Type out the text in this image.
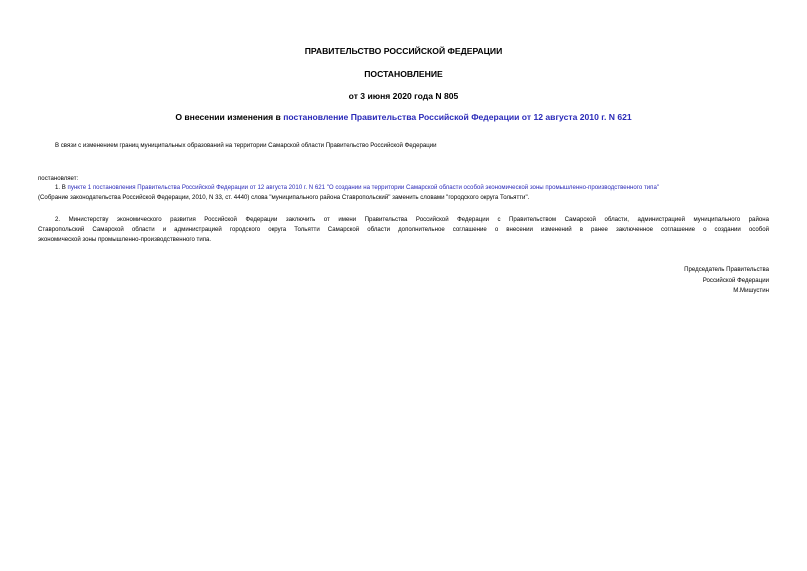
ПРАВИТЕЛЬСТВО РОССИЙСКОЙ ФЕДЕРАЦИИ
ПОСТАНОВЛЕНИЕ
от 3 июня 2020 года N 805
О внесении изменения в постановление Правительства Российской Федерации от 12 августа 2010 г. N 621
В связи с изменением границ муниципальных образований на территории Самарской области Правительство Российской Федерации
постановляет:
1. В пункте 1 постановления Правительства Российской Федерации от 12 августа 2010 г. N 621 "О создании на территории Самарской области особой экономической зоны промышленно-производственного типа"
(Собрание законодательства Российской Федерации, 2010, N 33, ст. 4440) слова "муниципального района Ставропольский" заменить словами "городского округа Тольятти".
2. Министерству экономического развития Российской Федерации заключить от имени Правительства Российской Федерации с Правительством Самарской области, администрацией муниципального района
Ставропольский Самарской области и администрацией городского округа Тольятти Самарской области дополнительное соглашение о внесении изменений в ранее заключенное соглашение о создании особой
экономической зоны промышленно-производственного типа.
Председатель Правительства
Российской Федерации
М.Мишустин
